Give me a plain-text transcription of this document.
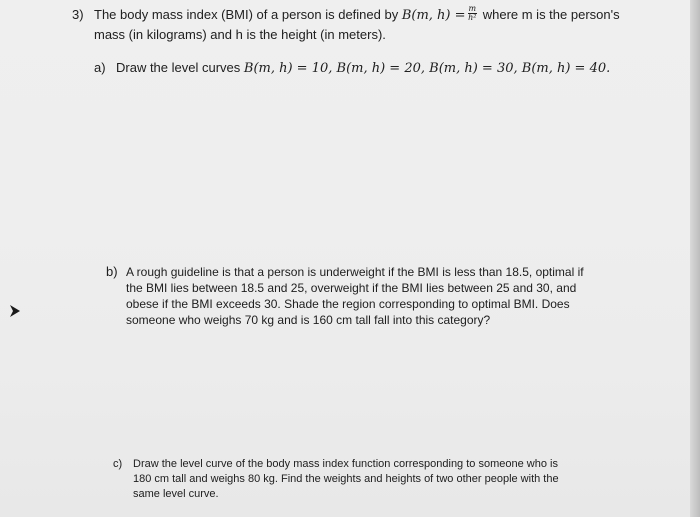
3) The body mass index (BMI) of a person is defined by B(m, $h) = \frac{m}{\text{h²}}$ where m is the person's
mass (in kilograms) and h is the height (in meters).
a) Draw the level curves B(m, h) = 10, B(m, h) = 20, B(m, h) = 30, B(m, h) = 40.
b) A rough guideline is that a person is underweight if the BMI is less than 18.5, optimal if
the BMI lies between 18.5 and 25, overweight if the BMI lies between 25 and 30, and
obese if the BMI exceeds 30. Shade the region corresponding to optimal BMI. Does
someone who weighs 70 kg and is 160 cm tall fall into this category?
c) Draw the level curve of the body mass index function corresponding to someone who is
180 cm tall and weighs 80 kg. Find the weights and heights of two other people with the
same level curve.
